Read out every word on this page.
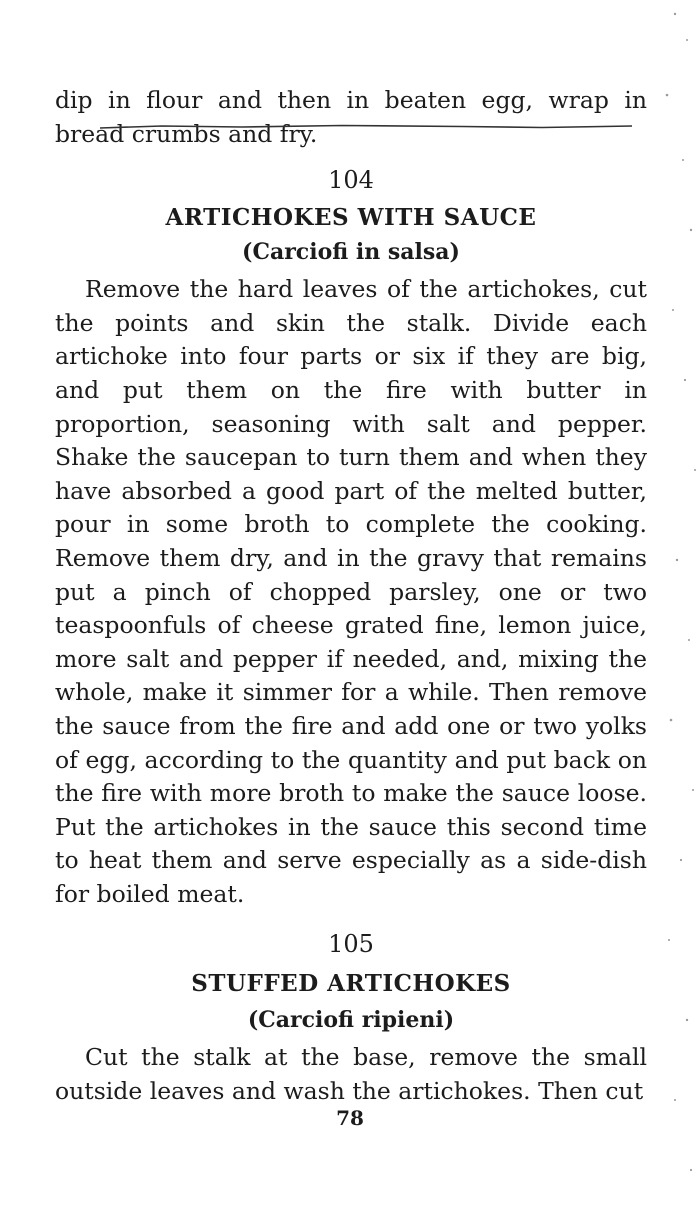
dip in flour and then in beaten egg, wrap in bread crumbs and fry.

104

ARTICHOKES WITH SAUCE

(Carciofi in salsa)

Remove the hard leaves of the artichokes, cut the points and skin the stalk. Divide each artichoke into four parts or six if they are big, and put them on the fire with butter in proportion, seasoning with salt and pepper. Shake the saucepan to turn them and when they have absorbed a good part of the melted butter, pour in some broth to complete the cooking. Remove them dry, and in the gravy that remains put a pinch of chopped parsley, one or two teaspoonfuls of cheese grated fine, lemon juice, more salt and pepper if needed, and, mixing the whole, make it simmer for a while. Then remove the sauce from the fire and add one or two yolks of egg, according to the quantity and put back on the fire with more broth to make the sauce loose. Put the artichokes in the sauce this second time to heat them and serve especially as a side-dish for boiled meat.

105

STUFFED ARTICHOKES

(Carciofi ripieni)

Cut the stalk at the base, remove the small outside leaves and wash the artichokes. Then cut

78
